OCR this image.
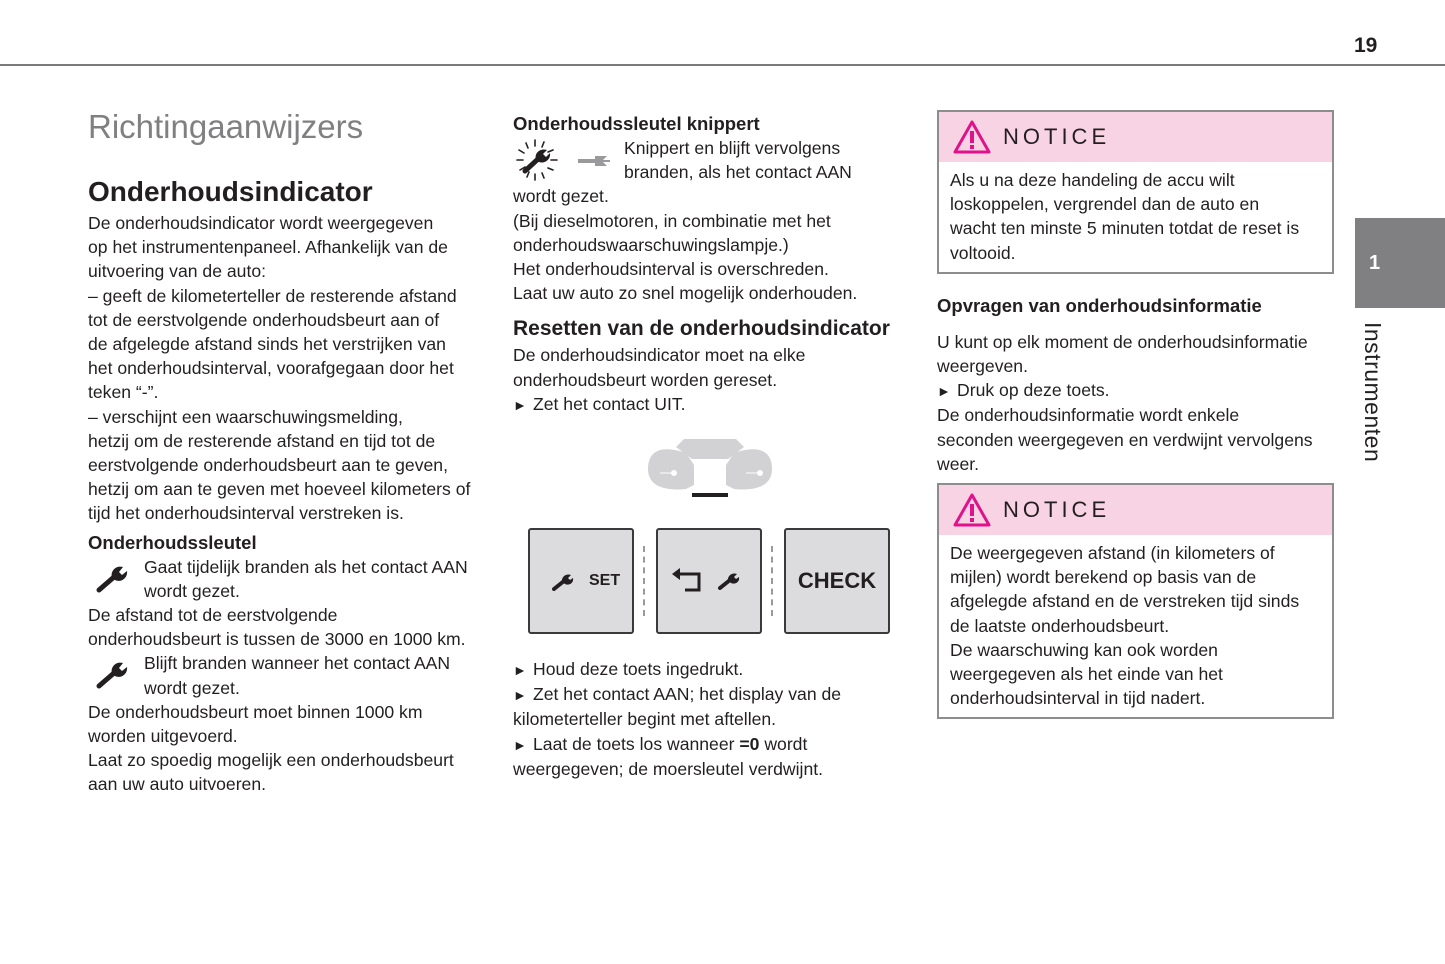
19
1
Instrumenten
Richtingaanwijzers
Onderhoudsindicator
De onderhoudsindicator wordt weergegeven
op het instrumentenpaneel. Afhankelijk van de
uitvoering van de auto:
– geeft de kilometerteller de resterende afstand
tot de eerstvolgende onderhoudsbeurt aan of
de afgelegde afstand sinds het verstrijken van
het onderhoudsinterval, voorafgegaan door het
teken “-”.
– verschijnt een waarschuwingsmelding,
hetzij om de resterende afstand en tijd tot de
eerstvolgende onderhoudsbeurt aan te geven,
hetzij om aan te geven met hoeveel kilometers of
tijd het onderhoudsinterval verstreken is.
Onderhoudssleutel
Gaat tijdelijk branden als het contact AAN
wordt gezet.
De afstand tot de eerstvolgende
onderhoudsbeurt is tussen de 3000 en 1000 km.
Blijft branden wanneer het contact AAN
wordt gezet.
De onderhoudsbeurt moet binnen 1000 km
worden uitgevoerd.
Laat zo spoedig mogelijk een onderhoudsbeurt
aan uw auto uitvoeren.
Onderhoudssleutel knippert
Knippert en blijft vervolgens
branden, als het contact AAN
wordt gezet.
(Bij dieselmotoren, in combinatie met het
onderhoudswaarschuwingslampje.)
Het onderhoudsinterval is overschreden.
Laat uw auto zo snel mogelijk onderhouden.
Resetten van de onderhoudsindicator
De onderhoudsindicator moet na elke
onderhoudsbeurt worden gereset.
► Zet het contact UIT.
SET	CHECK
► Houd deze toets ingedrukt.
► Zet het contact AAN; het display van de
kilometerteller begint met aftellen.
► Laat de toets los wanneer =0 wordt
weergegeven; de moersleutel verdwijnt.
NOTICE
Als u na deze handeling de accu wilt
loskoppelen, vergrendel dan de auto en
wacht ten minste 5 minuten totdat de reset is
voltooid.
Opvragen van onderhoudsinformatie
U kunt op elk moment de onderhoudsinformatie
weergeven.
► Druk op deze toets.
De onderhoudsinformatie wordt enkele
seconden weergegeven en verdwijnt vervolgens
weer.
NOTICE
De weergegeven afstand (in kilometers of
mijlen) wordt berekend op basis van de
afgelegde afstand en de verstreken tijd sinds
de laatste onderhoudsbeurt.
De waarschuwing kan ook worden
weergegeven als het einde van het
onderhoudsinterval in tijd nadert.
